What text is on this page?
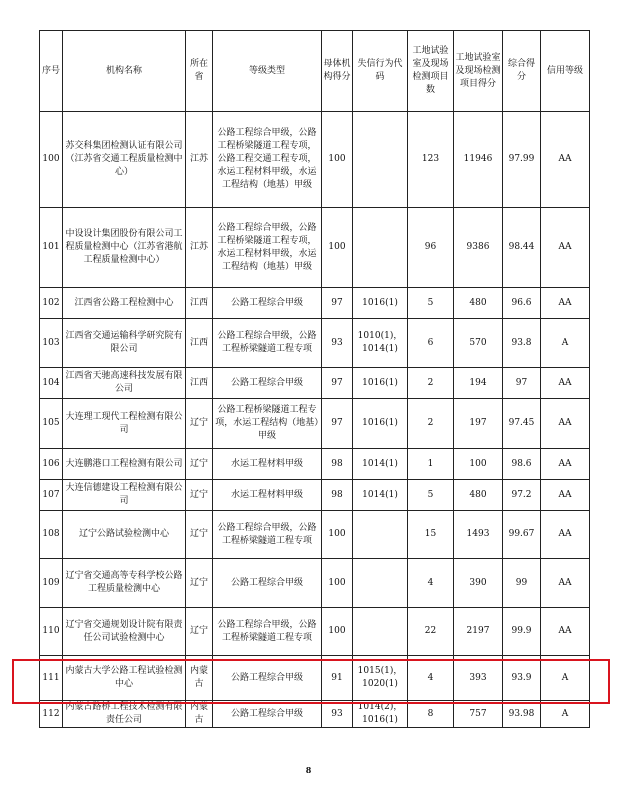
序号	机构名称	所在省	等级类型	母体机构得分	失信行为代码	工地试验室及现场检测项目数	工地试验室及现场检测项目得分	综合得分	信用等级
100	苏交科集团检测认证有限公司（江苏省交通工程质量检测中心）	江苏	公路工程综合甲级，公路工程桥梁隧道工程专项，公路工程交通工程专项，水运工程材料甲级，水运工程结构（地基）甲级	100		123	11946	97.99	AA
101	中设设计集团股份有限公司工程质量检测中心（江苏省港航工程质量检测中心）	江苏	公路工程综合甲级，公路工程桥梁隧道工程专项，水运工程材料甲级，水运工程结构（地基）甲级	100		96	9386	98.44	AA
102	江西省公路工程检测中心	江西	公路工程综合甲级	97	1016(1)	5	480	96.6	AA
103	江西省交通运输科学研究院有限公司	江西	公路工程综合甲级，公路工程桥梁隧道工程专项	93	1010(1)，1014(1)	6	570	93.8	A
104	江西省天驰高速科技发展有限公司	江西	公路工程综合甲级	97	1016(1)	2	194	97	AA
105	大连理工现代工程检测有限公司	辽宁	公路工程桥梁隧道工程专项，水运工程结构（地基）甲级	97	1016(1)	2	197	97.45	AA
106	大连鹏港口工程检测有限公司	辽宁	水运工程材料甲级	98	1014(1)	1	100	98.6	AA
107	大连信德建设工程检测有限公司	辽宁	水运工程材料甲级	98	1014(1)	5	480	97.2	AA
108	辽宁公路试验检测中心	辽宁	公路工程综合甲级，公路工程桥梁隧道工程专项	100		15	1493	99.67	AA
109	辽宁省交通高等专科学校公路工程质量检测中心	辽宁	公路工程综合甲级	100		4	390	99	AA
110	辽宁省交通规划设计院有限责任公司试验检测中心	辽宁	公路工程综合甲级，公路工程桥梁隧道工程专项	100		22	2197	99.9	AA
111	内蒙古大学公路工程试验检测中心	内蒙古	公路工程综合甲级	91	1015(1)，1020(1)	4	393	93.9	A
112	内蒙古路桥工程技术检测有限责任公司	内蒙古	公路工程综合甲级	93	1014(2)，1016(1)	8	757	93.98	A
8
